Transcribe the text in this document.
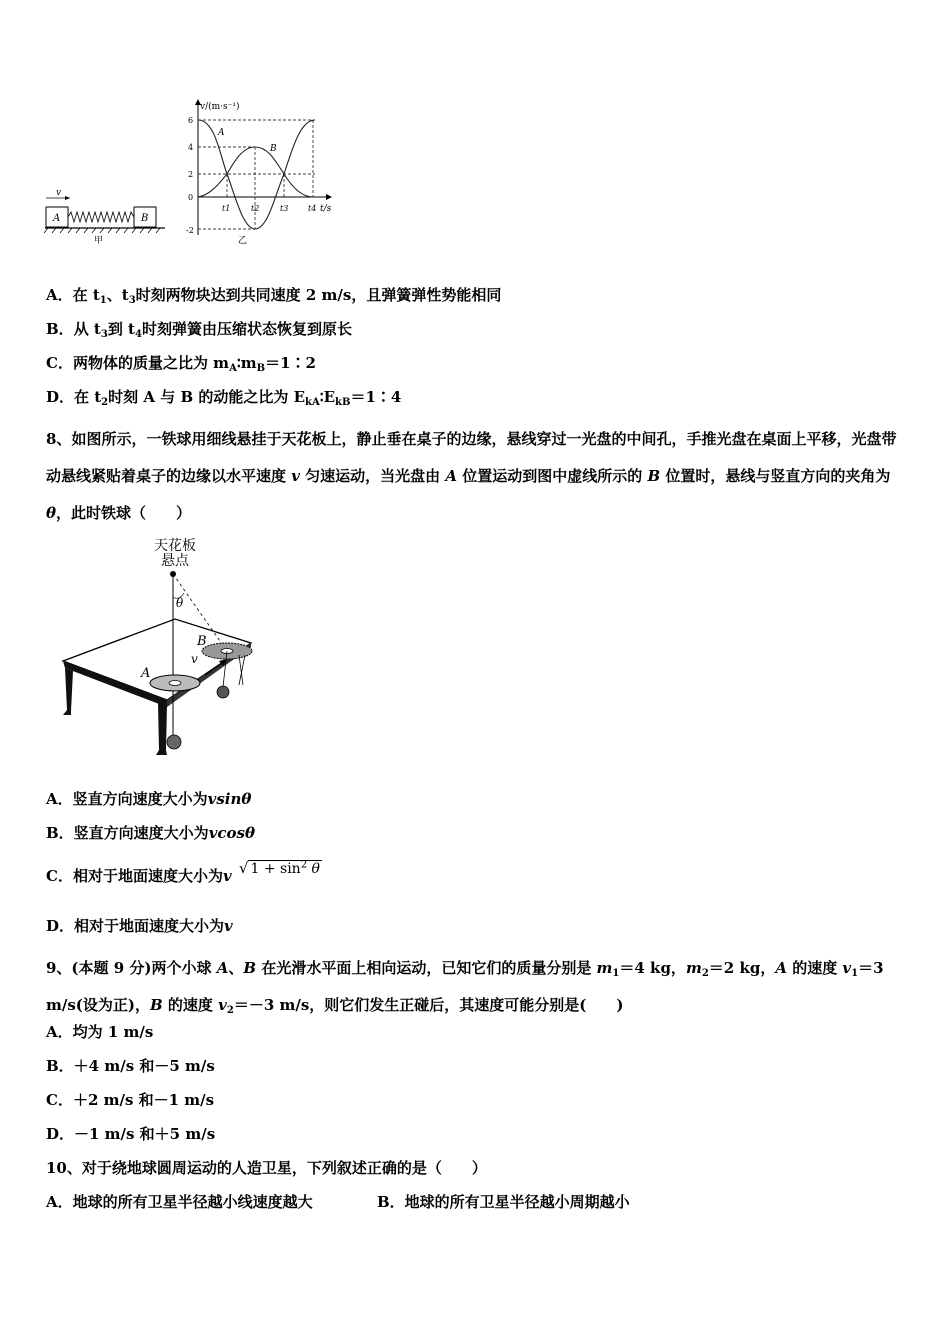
A	B
v
甲
v/(m·s⁻¹)
t/s
6
4
2
0
-2
t1	t2	t3 t4
A
B
乙
A．在 $t_1$、$t_3$时刻两物块达到共同速度 2 m/s，且弹簧弹性势能相同
B．从 $t_3$到 $t_4$时刻弹簧由压缩状态恢复到原长
C．两物体的质量之比为 $m_A∶m_B=1∶2$
D．在 $t_2$时刻 A 与 B 的动能之比为 $E_{kA}∶E_{kB}=1∶4$
8、如图所示，一铁球用细线悬挂于天花板上，静止垂在桌子的边缘，悬线穿过一光盘的中间孔，手推光盘在桌面上平移，光盘带动悬线紧贴着桌子的边缘以水平速度 v 匀速运动，当光盘由 A 位置运动到图中虚线所示的 B 位置时，悬线与竖直方向的夹角为 θ，此时铁球（　　）
天花板
悬点
θ
A
B
v
A．竖直方向速度大小为vsinθ
B．竖直方向速度大小为vcosθ
C．相对于地面速度大小为v √ $1 + \sin^2 \theta$
D．相对于地面速度大小为v
9、(本题 9 分)两个小球 A、B 在光滑水平面上相向运动，已知它们的质量分别是 $m_1=4$ kg，$m_2=2$ kg，A 的速度 $v_1=3$ m/s(设为正)，B 的速度 $v_2=-3$ m/s，则它们发生正碰后，其速度可能分别是(　　)
A．均为 1 m/s
B．＋4 m/s 和－5 m/s
C．＋2 m/s 和－1 m/s
D．－1 m/s 和＋5 m/s
10、对于绕地球圆周运动的人造卫星，下列叙述正确的是（　　）
A．地球的所有卫星半径越小线速度越大	B．地球的所有卫星半径越小周期越小
